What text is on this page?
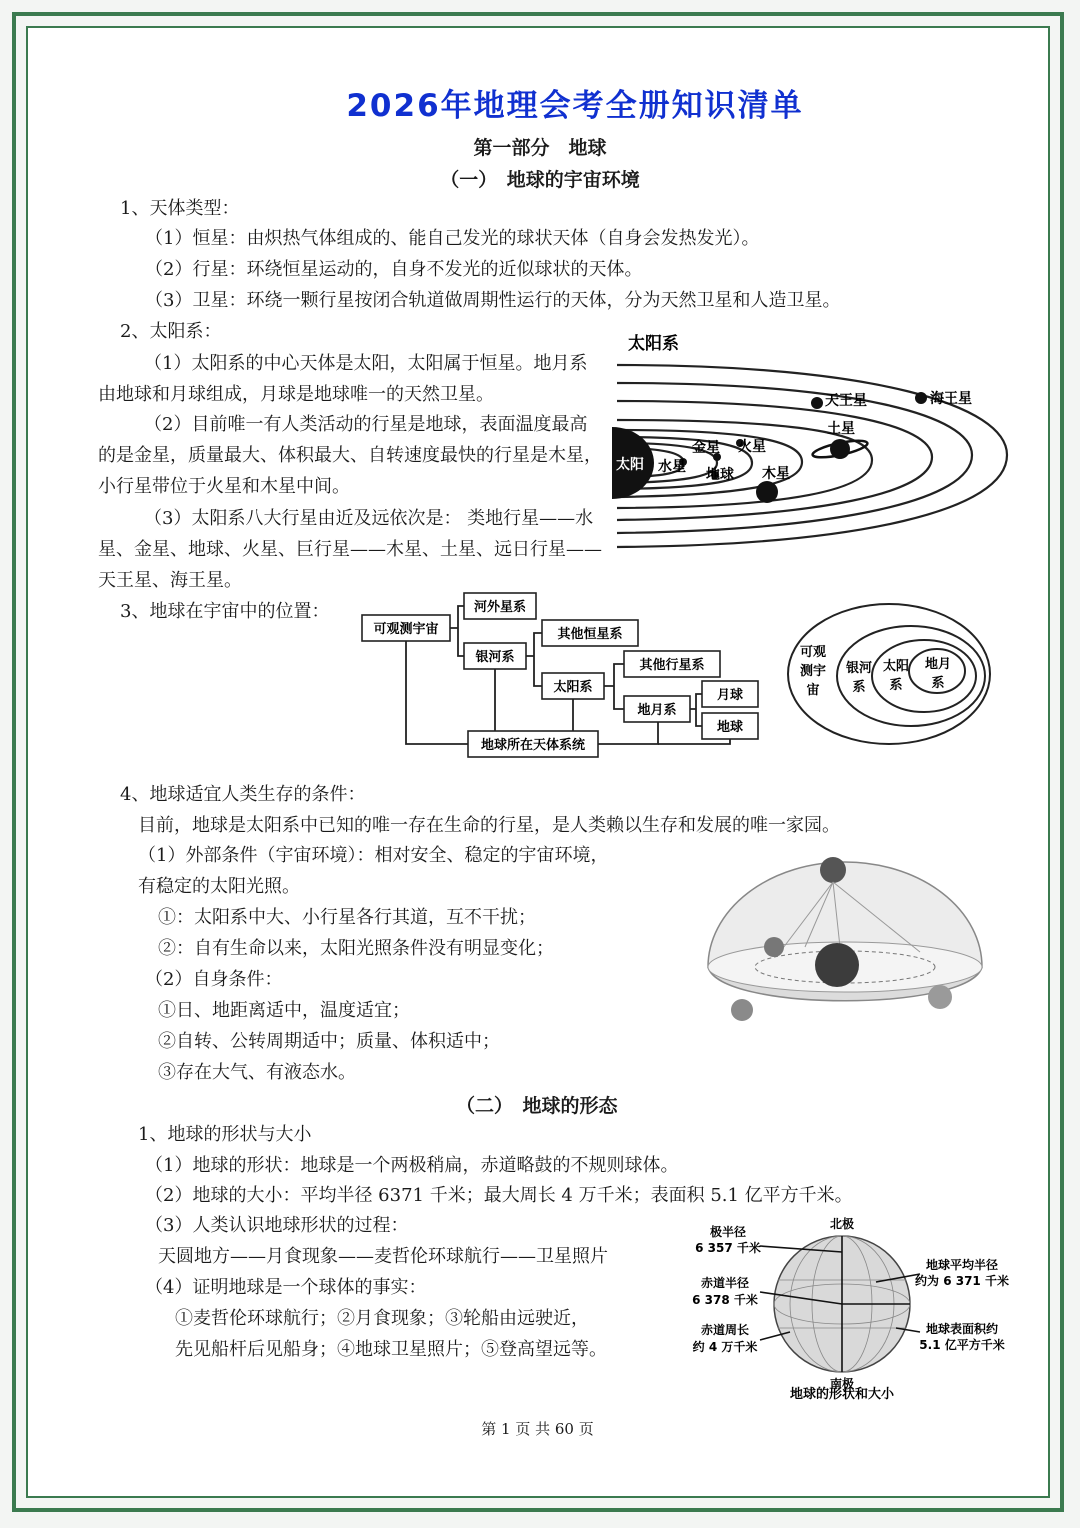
2026年地理会考全册知识清单
第一部分　地球
（一）　地球的宇宙环境
1、天体类型：
（1）恒星：由炽热气体组成的、能自己发光的球状天体（自身会发热发光）。
（2）行星：环绕恒星运动的，自身不发光的近似球状的天体。
（3）卫星：环绕一颗行星按闭合轨道做周期性运行的天体，分为天然卫星和人造卫星。
2、太阳系：
（1）太阳系的中心天体是太阳，太阳属于恒星。地月系由地球和月球组成，月球是地球唯一的天然卫星。
（2）目前唯一有人类活动的行星是地球，表面温度最高的是金星，质量最大、体积最大、自转速度最快的行星是木星，小行星带位于火星和木星中间。
（3）太阳系八大行星由近及远依次是： 类地行星——水星、金星、地球、火星、巨行星——木星、土星、远日行星——天王星、海王星。
太阳系
太阳 水星
金星
地球
火星
木星
土星
天王星	海王星
3、地球在宇宙中的位置：
可观测宇宙
河外星系
银河系
其他恒星系
太阳系
其他行星系
地月系
月球
地球
地球所在天体系统
可观
测宇
宙
银河
系
太阳
系
地月
系
4、地球适宜人类生存的条件：
目前，地球是太阳系中已知的唯一存在生命的行星，是人类赖以生存和发展的唯一家园。
（1）外部条件（宇宙环境）：相对安全、稳定的宇宙环境，
有稳定的太阳光照。
①：太阳系中大、小行星各行其道，互不干扰；
②：自有生命以来，太阳光照条件没有明显变化；
（2）自身条件：
①日、地距离适中，温度适宜；
②自转、公转周期适中；质量、体积适中；
③存在大气、有液态水。
（二）　地球的形态
1、地球的形状与大小
（1）地球的形状：地球是一个两极稍扁，赤道略鼓的不规则球体。
（2）地球的大小：平均半径 6371 千米；最大周长 4 万千米；表面积 5.1 亿平方千米。
（3）人类认识地球形状的过程：
天圆地方——月食现象——麦哲伦环球航行——卫星照片
（4）证明地球是一个球体的事实：
①麦哲伦环球航行；②月食现象；③轮船由远驶近，
先见船杆后见船身；④地球卫星照片；⑤登高望远等。
北极
南极
极半径
6 357 千米
赤道半径
6 378 千米
赤道周长
约 4 万千米
地球平均半径
约为 6 371 千米
地球表面积约
5.1 亿平方千米
地球的形状和大小
第 1 页 共 60 页
